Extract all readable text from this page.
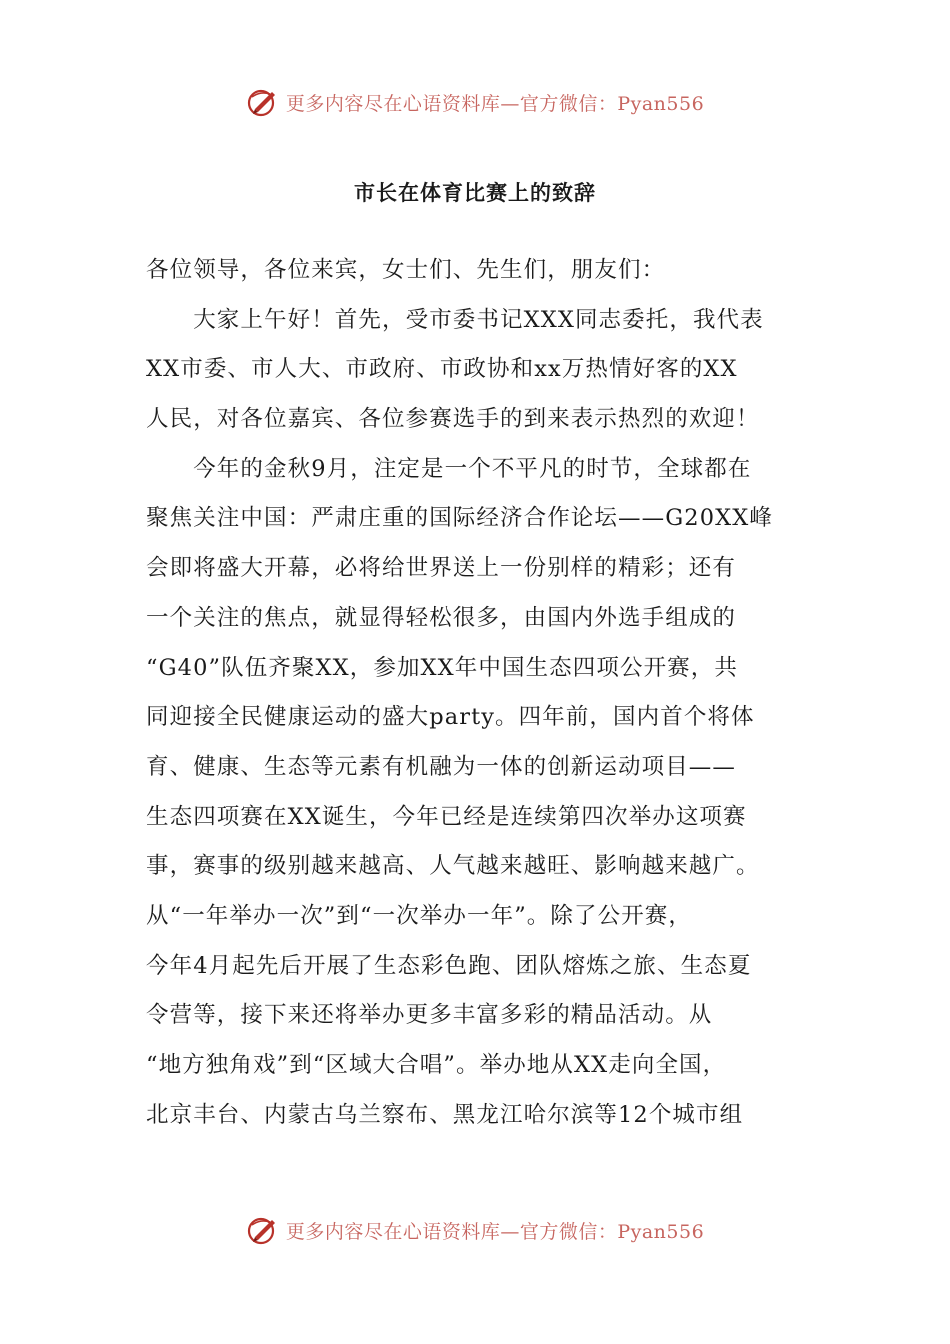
更多内容尽在心语资料库—官方微信：Pyan556
市长在体育比赛上的致辞
各位领导，各位来宾，女士们、先生们，朋友们：
　　大家上午好！首先，受市委书记XXX同志委托，我代表
XX市委、市人大、市政府、市政协和xx万热情好客的XX
人民，对各位嘉宾、各位参赛选手的到来表示热烈的欢迎！
　　今年的金秋9月，注定是一个不平凡的时节，全球都在
聚焦关注中国：严肃庄重的国际经济合作论坛——G20XX峰
会即将盛大开幕，必将给世界送上一份别样的精彩；还有
一个关注的焦点，就显得轻松很多，由国内外选手组成的
“G40”队伍齐聚XX，参加XX年中国生态四项公开赛，共
同迎接全民健康运动的盛大party。四年前，国内首个将体
育、健康、生态等元素有机融为一体的创新运动项目——
生态四项赛在XX诞生，今年已经是连续第四次举办这项赛
事，赛事的级别越来越高、人气越来越旺、影响越来越广。
从“一年举办一次”到“一次举办一年”。除了公开赛，
今年4月起先后开展了生态彩色跑、团队熔炼之旅、生态夏
令营等，接下来还将举办更多丰富多彩的精品活动。从
“地方独角戏”到“区域大合唱”。举办地从XX走向全国，
北京丰台、内蒙古乌兰察布、黑龙江哈尔滨等12个城市组
更多内容尽在心语资料库—官方微信：Pyan556
